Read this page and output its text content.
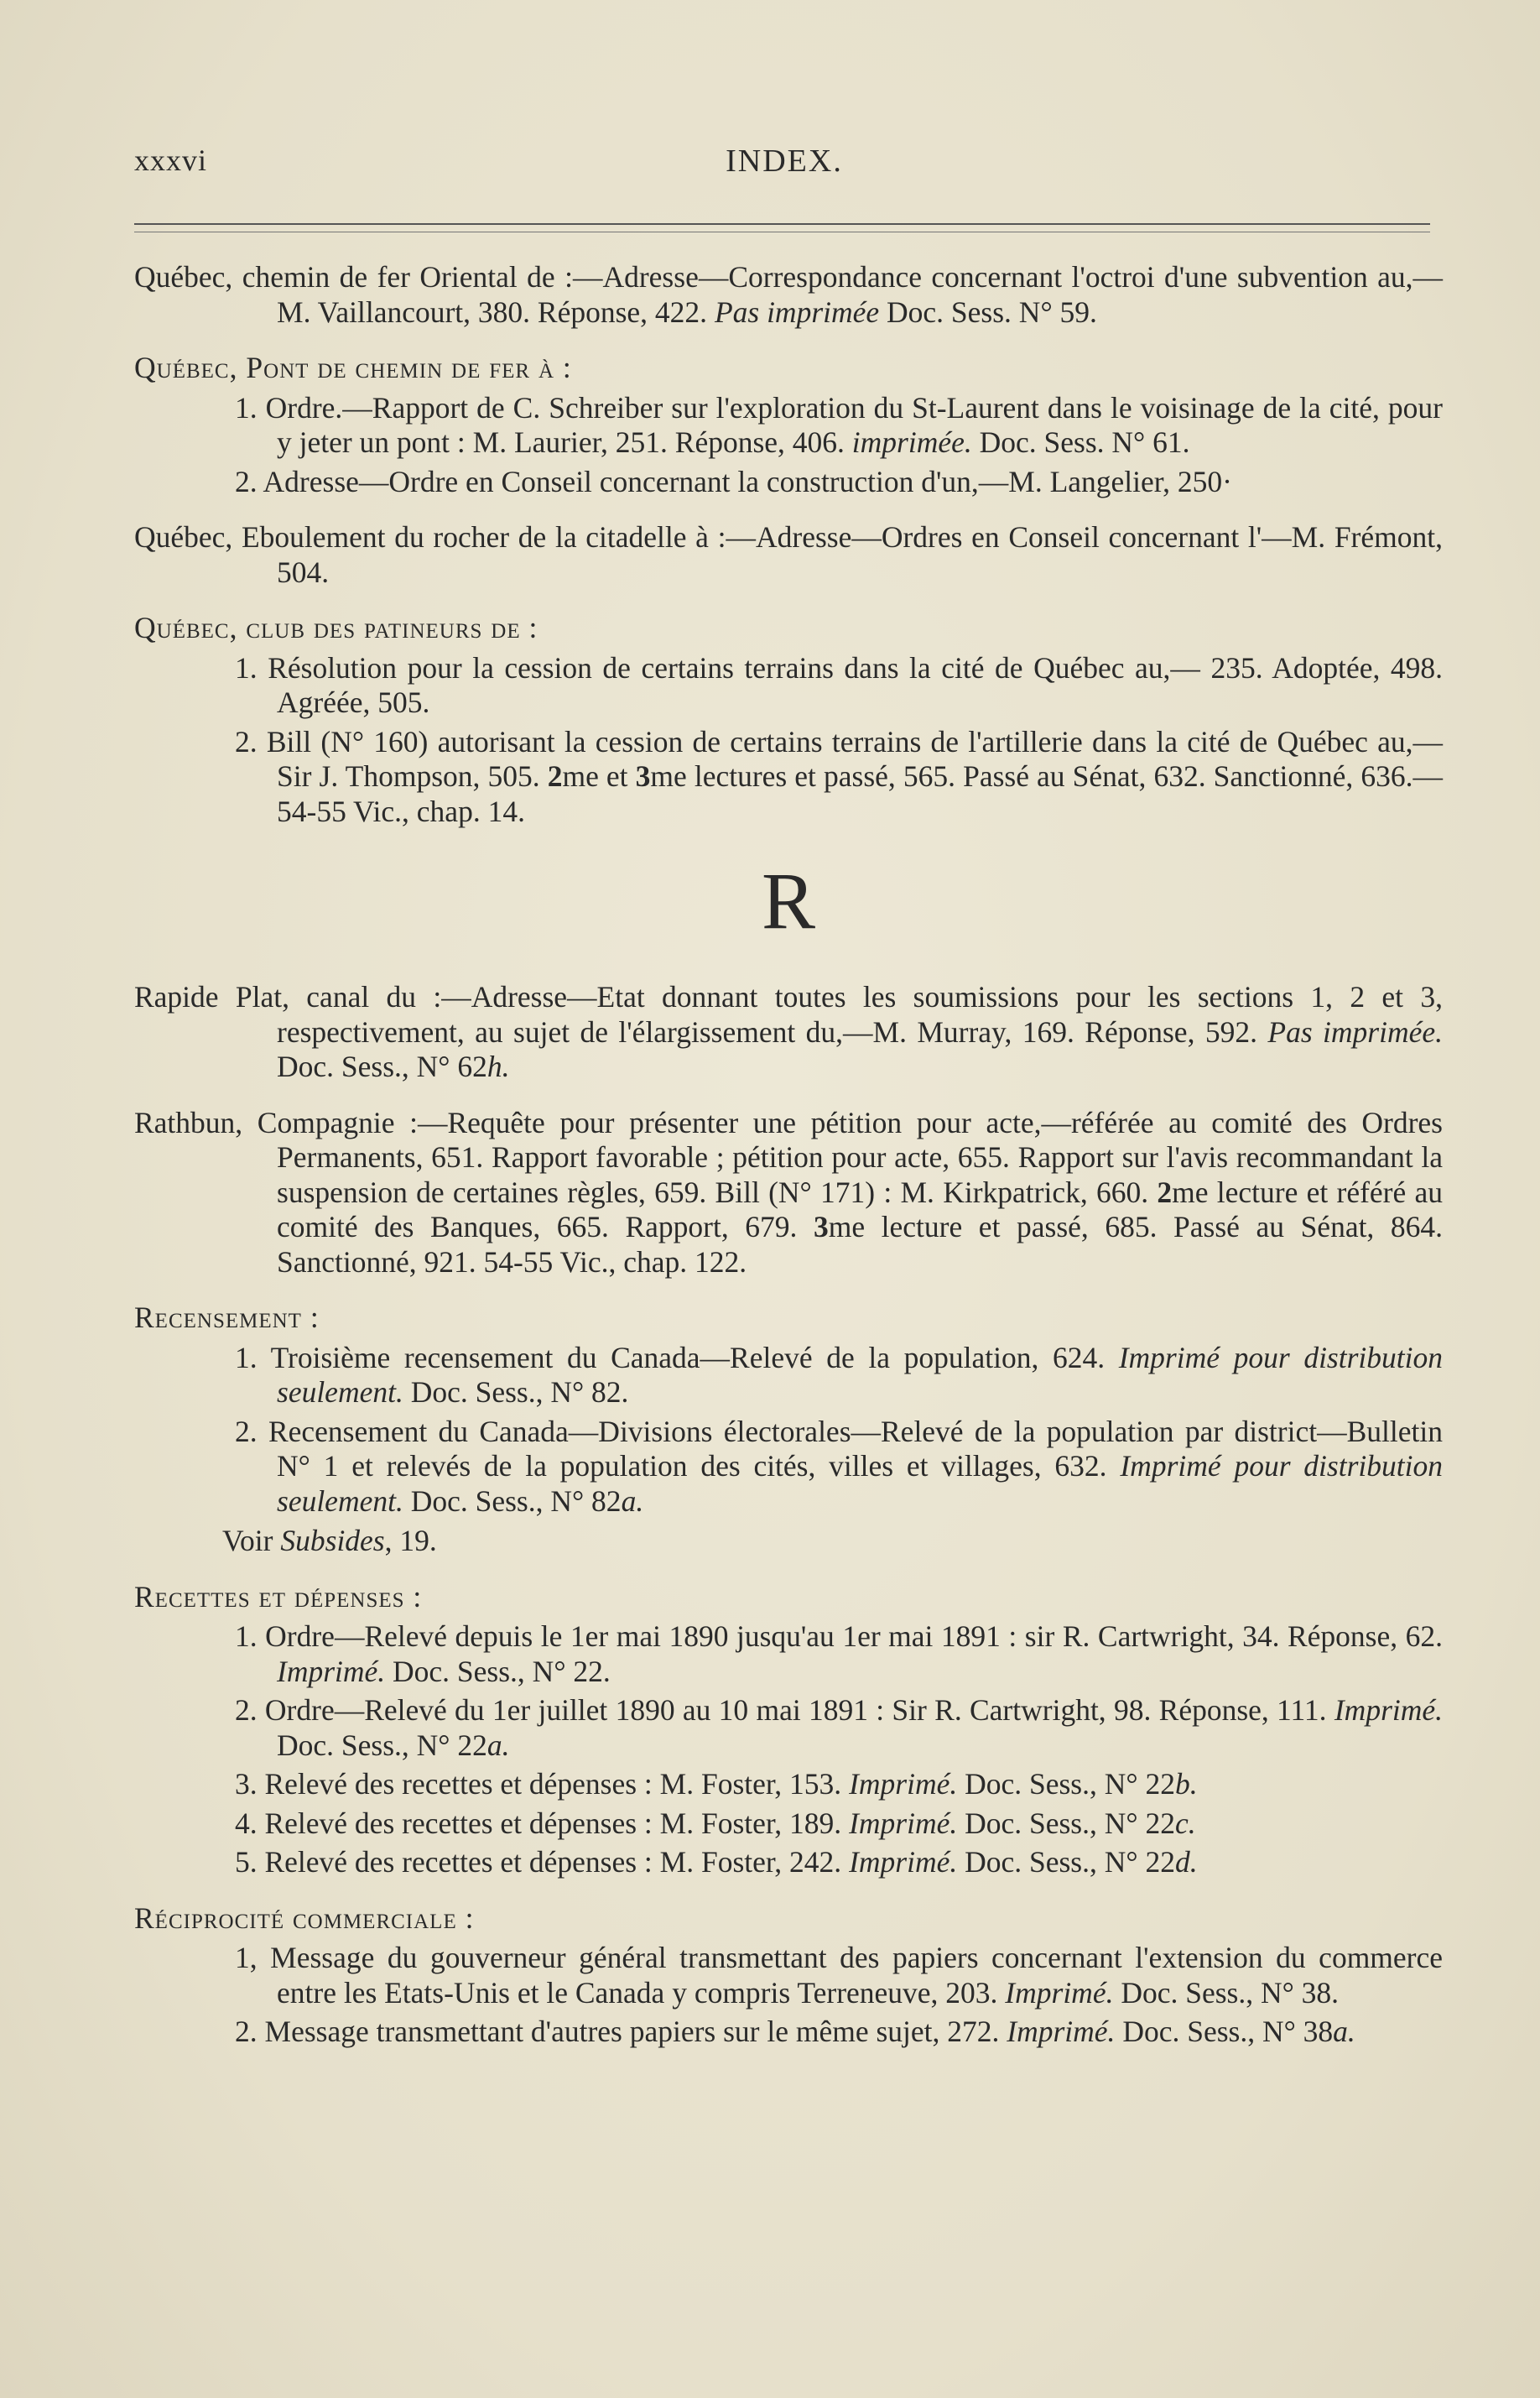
xxxvi	INDEX.
Québec, chemin de fer Oriental de :—Adresse—Correspondance concernant l'octroi d'une subvention au,—M. Vaillancourt, 380. Réponse, 422. Pas imprimée Doc. Sess. N° 59.
Québec, Pont de chemin de fer à :
1. Ordre.—Rapport de C. Schreiber sur l'exploration du St-Laurent dans le voisinage de la cité, pour y jeter un pont : M. Laurier, 251. Réponse, 406. imprimée. Doc. Sess. N° 61.
2. Adresse—Ordre en Conseil concernant la construction d'un,—M. Langelier, 250·
Québec, Eboulement du rocher de la citadelle à :—Adresse—Ordres en Conseil concernant l'—M. Frémont, 504.
Québec, club des patineurs de :
1. Résolution pour la cession de certains terrains dans la cité de Québec au,— 235. Adoptée, 498. Agréée, 505.
2. Bill (N° 160) autorisant la cession de certains terrains de l'artillerie dans la cité de Québec au,—Sir J. Thompson, 505. 2me et 3me lectures et passé, 565. Passé au Sénat, 632. Sanctionné, 636.—54-55 Vic., chap. 14.
R
Rapide Plat, canal du :—Adresse—Etat donnant toutes les soumissions pour les sections 1, 2 et 3, respectivement, au sujet de l'élargissement du,—M. Murray, 169. Réponse, 592. Pas imprimée. Doc. Sess., N° 62h.
Rathbun, Compagnie :—Requête pour présenter une pétition pour acte,—référée au comité des Ordres Permanents, 651. Rapport favorable ; pétition pour acte, 655. Rapport sur l'avis recommandant la suspension de certaines règles, 659. Bill (N° 171) : M. Kirkpatrick, 660. 2me lecture et référé au comité des Banques, 665. Rapport, 679. 3me lecture et passé, 685. Passé au Sénat, 864. Sanctionné, 921. 54-55 Vic., chap. 122.
Recensement :
1. Troisième recensement du Canada—Relevé de la population, 624. Imprimé pour distribution seulement. Doc. Sess., N° 82.
2. Recensement du Canada—Divisions électorales—Relevé de la population par district—Bulletin N° 1 et relevés de la population des cités, villes et villages, 632. Imprimé pour distribution seulement. Doc. Sess., N° 82a.
Voir Subsides, 19.
Recettes et dépenses :
1. Ordre—Relevé depuis le 1er mai 1890 jusqu'au 1er mai 1891 : sir R. Cartwright, 34. Réponse, 62. Imprimé. Doc. Sess., N° 22.
2. Ordre—Relevé du 1er juillet 1890 au 10 mai 1891 : Sir R. Cartwright, 98. Réponse, 111. Imprimé. Doc. Sess., N° 22a.
3. Relevé des recettes et dépenses : M. Foster, 153. Imprimé. Doc. Sess., N° 22b.
4. Relevé des recettes et dépenses : M. Foster, 189. Imprimé. Doc. Sess., N° 22c.
5. Relevé des recettes et dépenses : M. Foster, 242. Imprimé. Doc. Sess., N° 22d.
Réciprocité commerciale :
1, Message du gouverneur général transmettant des papiers concernant l'extension du commerce entre les Etats-Unis et le Canada y compris Terreneuve, 203. Imprimé. Doc. Sess., N° 38.
2. Message transmettant d'autres papiers sur le même sujet, 272. Imprimé. Doc. Sess., N° 38a.
